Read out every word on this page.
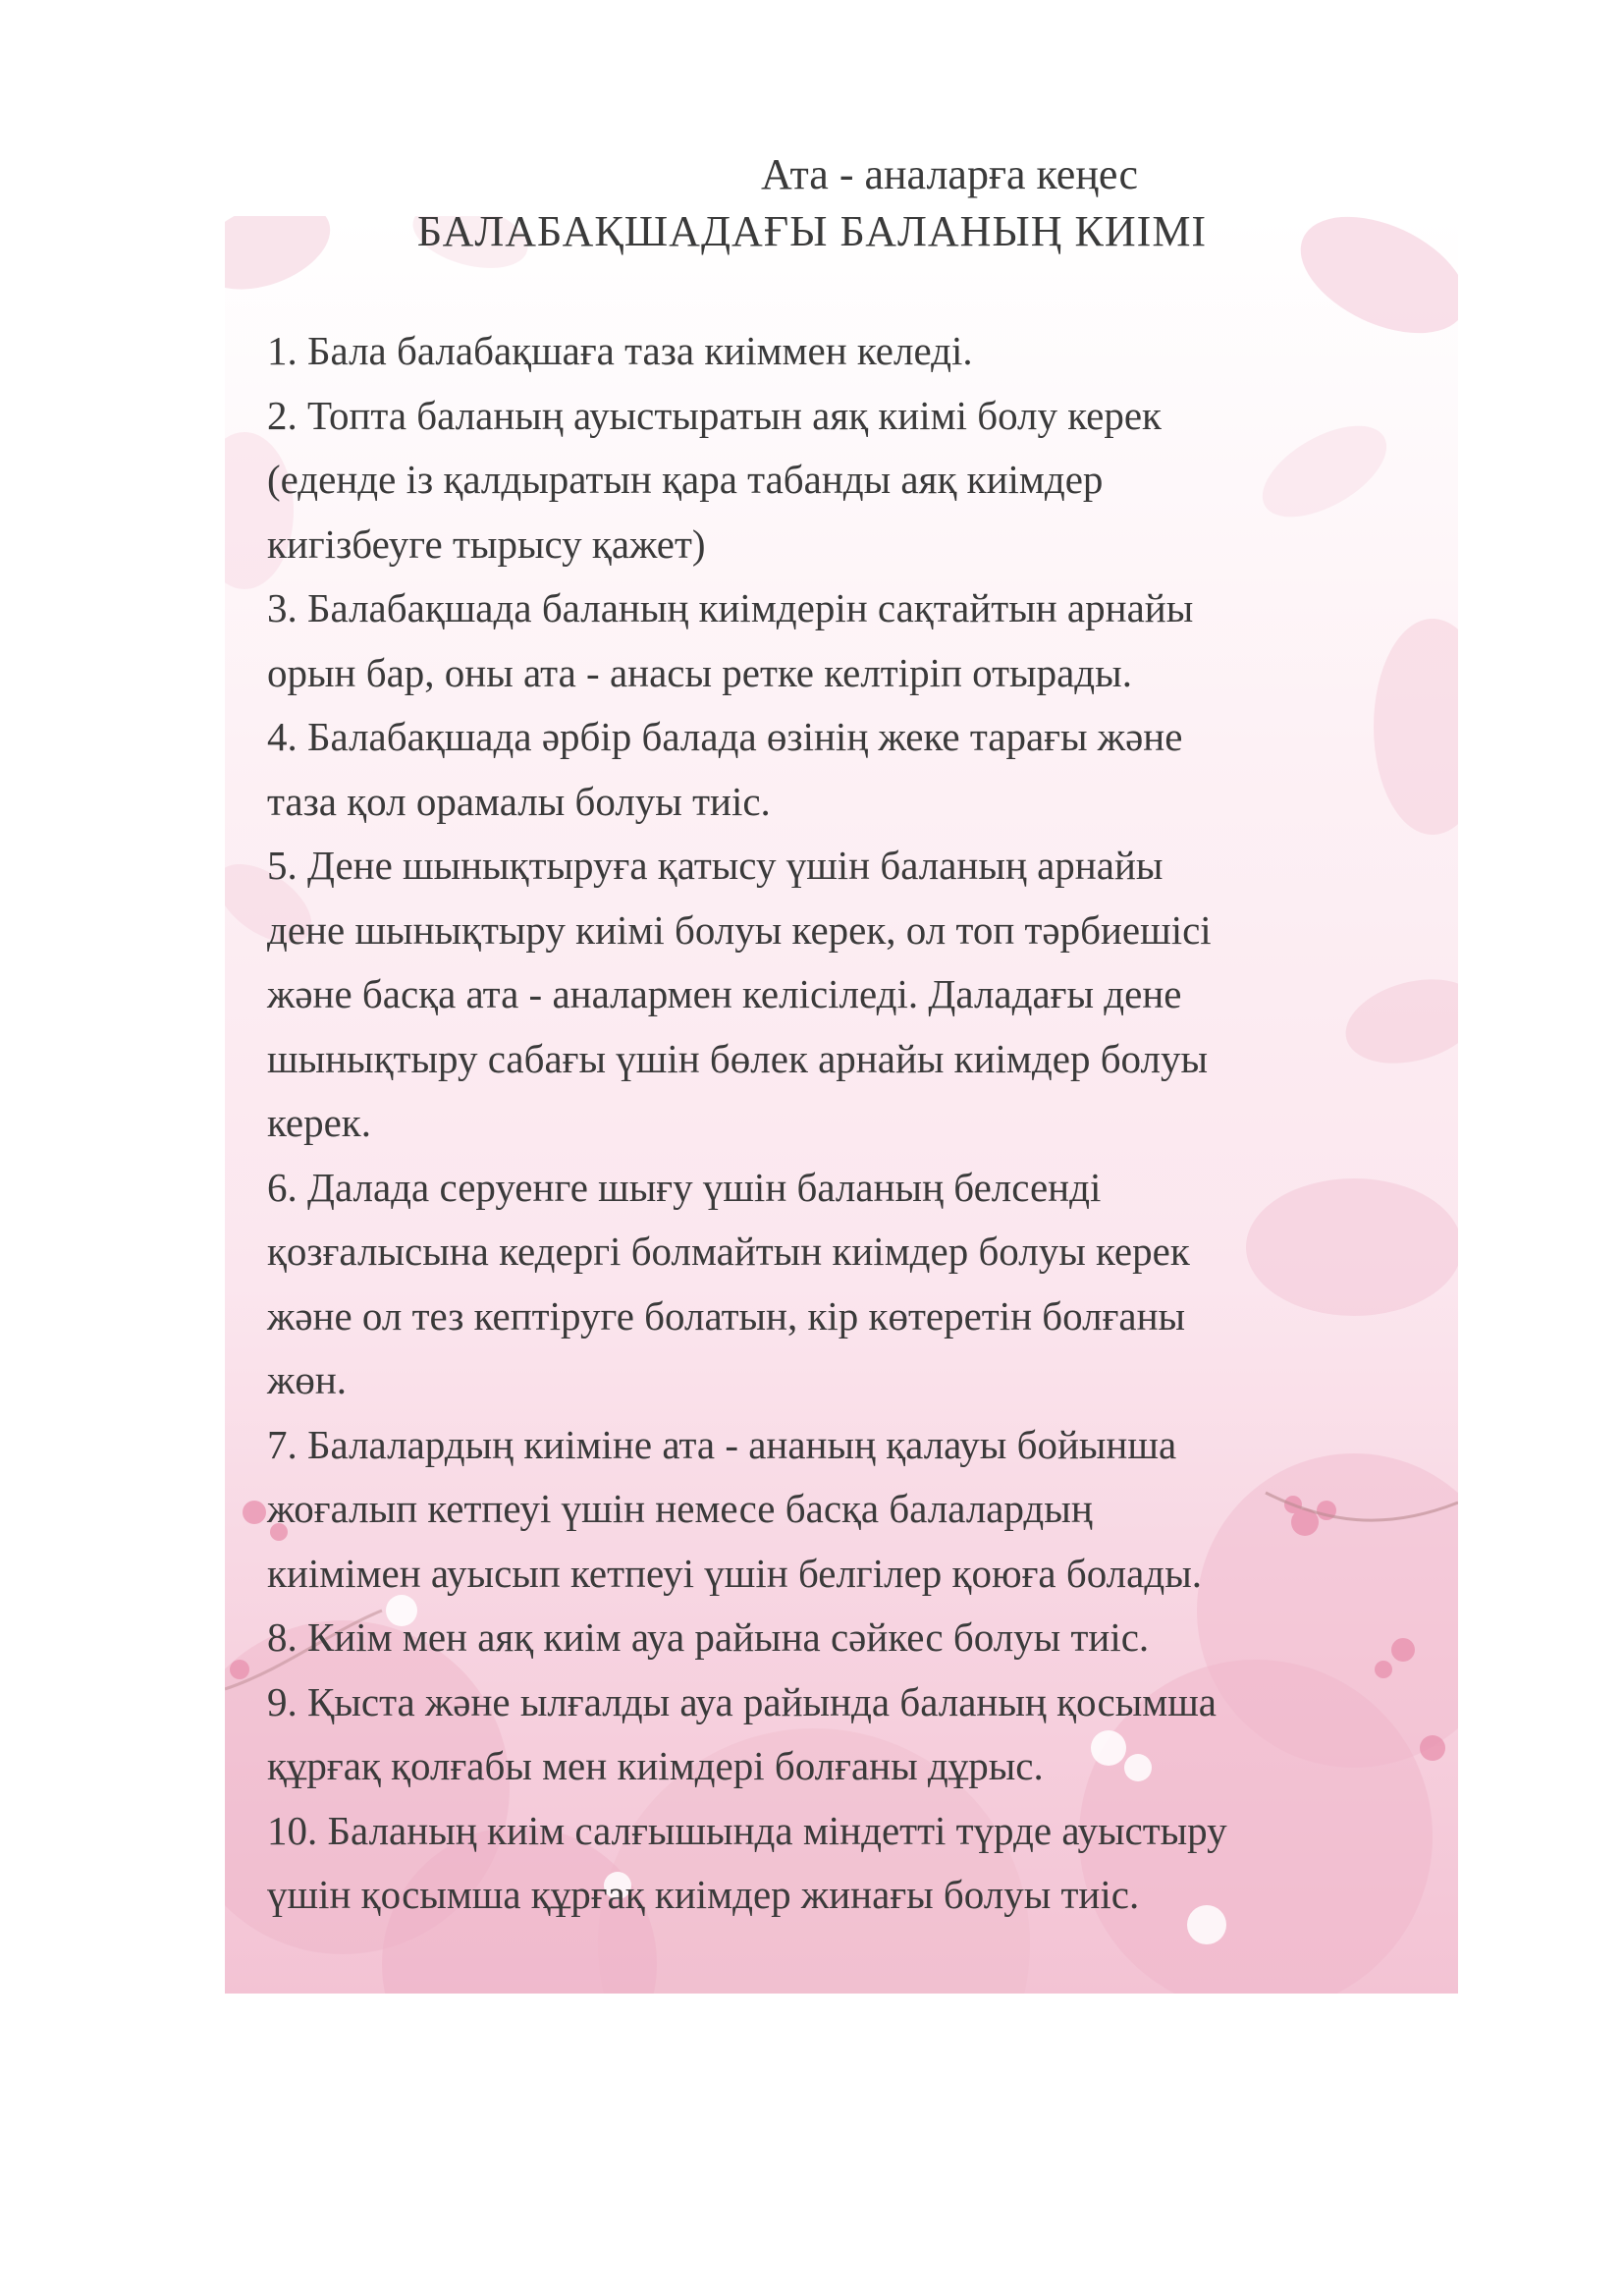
Ата - аналарға кеңес
БАЛАБАҚШАДАҒЫ БАЛАНЫҢ КИІМІ
1. Бала балабақшаға таза киіммен келеді.
2. Топта баланың ауыстыратын аяқ киімі болу керек
(еденде із қалдыратын қара табанды аяқ киімдер
кигізбеуге тырысу қажет)
3. Балабақшада баланың киімдерін сақтайтын арнайы
орын бар, оны ата - анасы ретке келтіріп отырады.
4. Балабақшада әрбір балада өзінің жеке тарағы және
таза қол орамалы болуы тиіс.
5. Дене шынықтыруға қатысу үшін баланың арнайы
дене шынықтыру киімі болуы керек, ол топ тәрбиешісі
және басқа ата - аналармен келісіледі. Даладағы дене
шынықтыру сабағы үшін бөлек арнайы киімдер болуы
керек.
6. Далада серуенге шығу үшін баланың белсенді
қозғалысына кедергі болмайтын киімдер болуы керек
және ол тез кептіруге болатын, кір көтеретін болғаны
жөн.
7. Балалардың киіміне ата - ананың қалауы бойынша
жоғалып кетпеуі үшін немесе басқа балалардың
киімімен ауысып кетпеуі үшін белгілер қоюға болады.
8. Киім мен аяқ киім ауа райына сәйкес болуы тиіс.
9. Қыста және ылғалды ауа райында баланың қосымша
құрғақ қолғабы мен киімдері болғаны дұрыс.
10. Баланың киім салғышында міндетті түрде ауыстыру
үшін қосымша құрғақ киімдер жинағы болуы тиіс.
